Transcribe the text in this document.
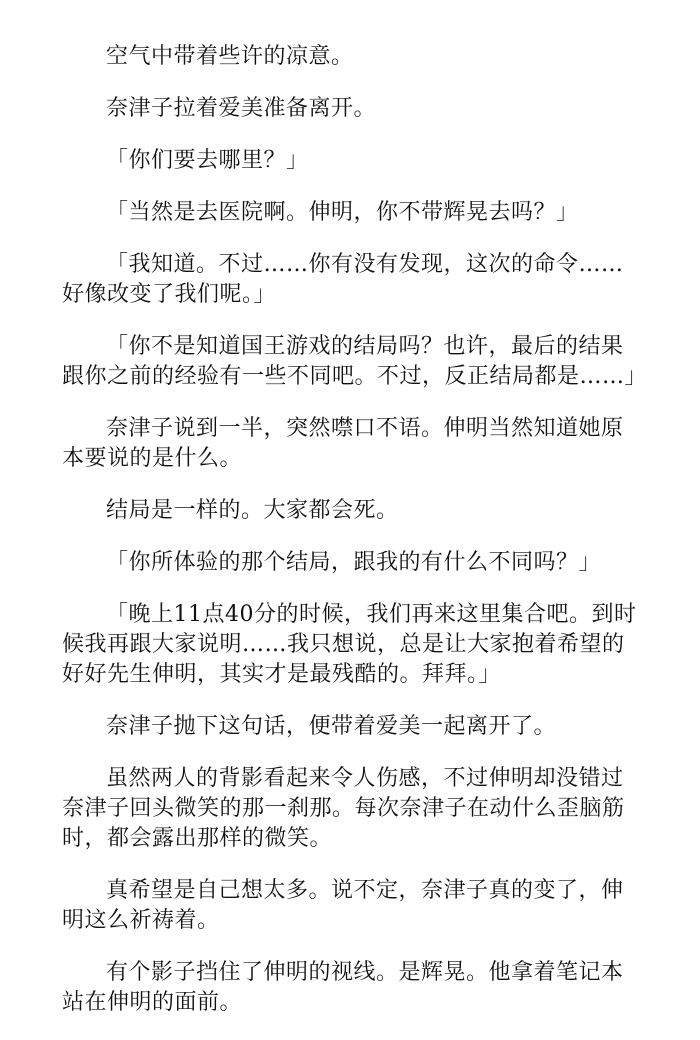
空气中带着些许的凉意。

奈津子拉着爱美准备离开。

「你们要去哪里？」

「当然是去医院啊。伸明，你不带辉晃去吗？」

「我知道。不过……你有没有发现，这次的命令……好像改变了我们呢。」

「你不是知道国王游戏的结局吗？也许，最后的结果跟你之前的经验有一些不同吧。不过，反正结局都是……」

奈津子说到一半，突然噤口不语。伸明当然知道她原本要说的是什么。

结局是一样的。大家都会死。

「你所体验的那个结局，跟我的有什么不同吗？」

「晚上11点40分的时候，我们再来这里集合吧。到时候我再跟大家说明……我只想说，总是让大家抱着希望的好好先生伸明，其实才是最残酷的。拜拜。」

奈津子抛下这句话，便带着爱美一起离开了。

虽然两人的背影看起来令人伤感，不过伸明却没错过奈津子回头微笑的那一刹那。每次奈津子在动什么歪脑筋时，都会露出那样的微笑。

真希望是自己想太多。说不定，奈津子真的变了，伸明这么祈祷着。

有个影子挡住了伸明的视线。是辉晃。他拿着笔记本站在伸明的面前。
